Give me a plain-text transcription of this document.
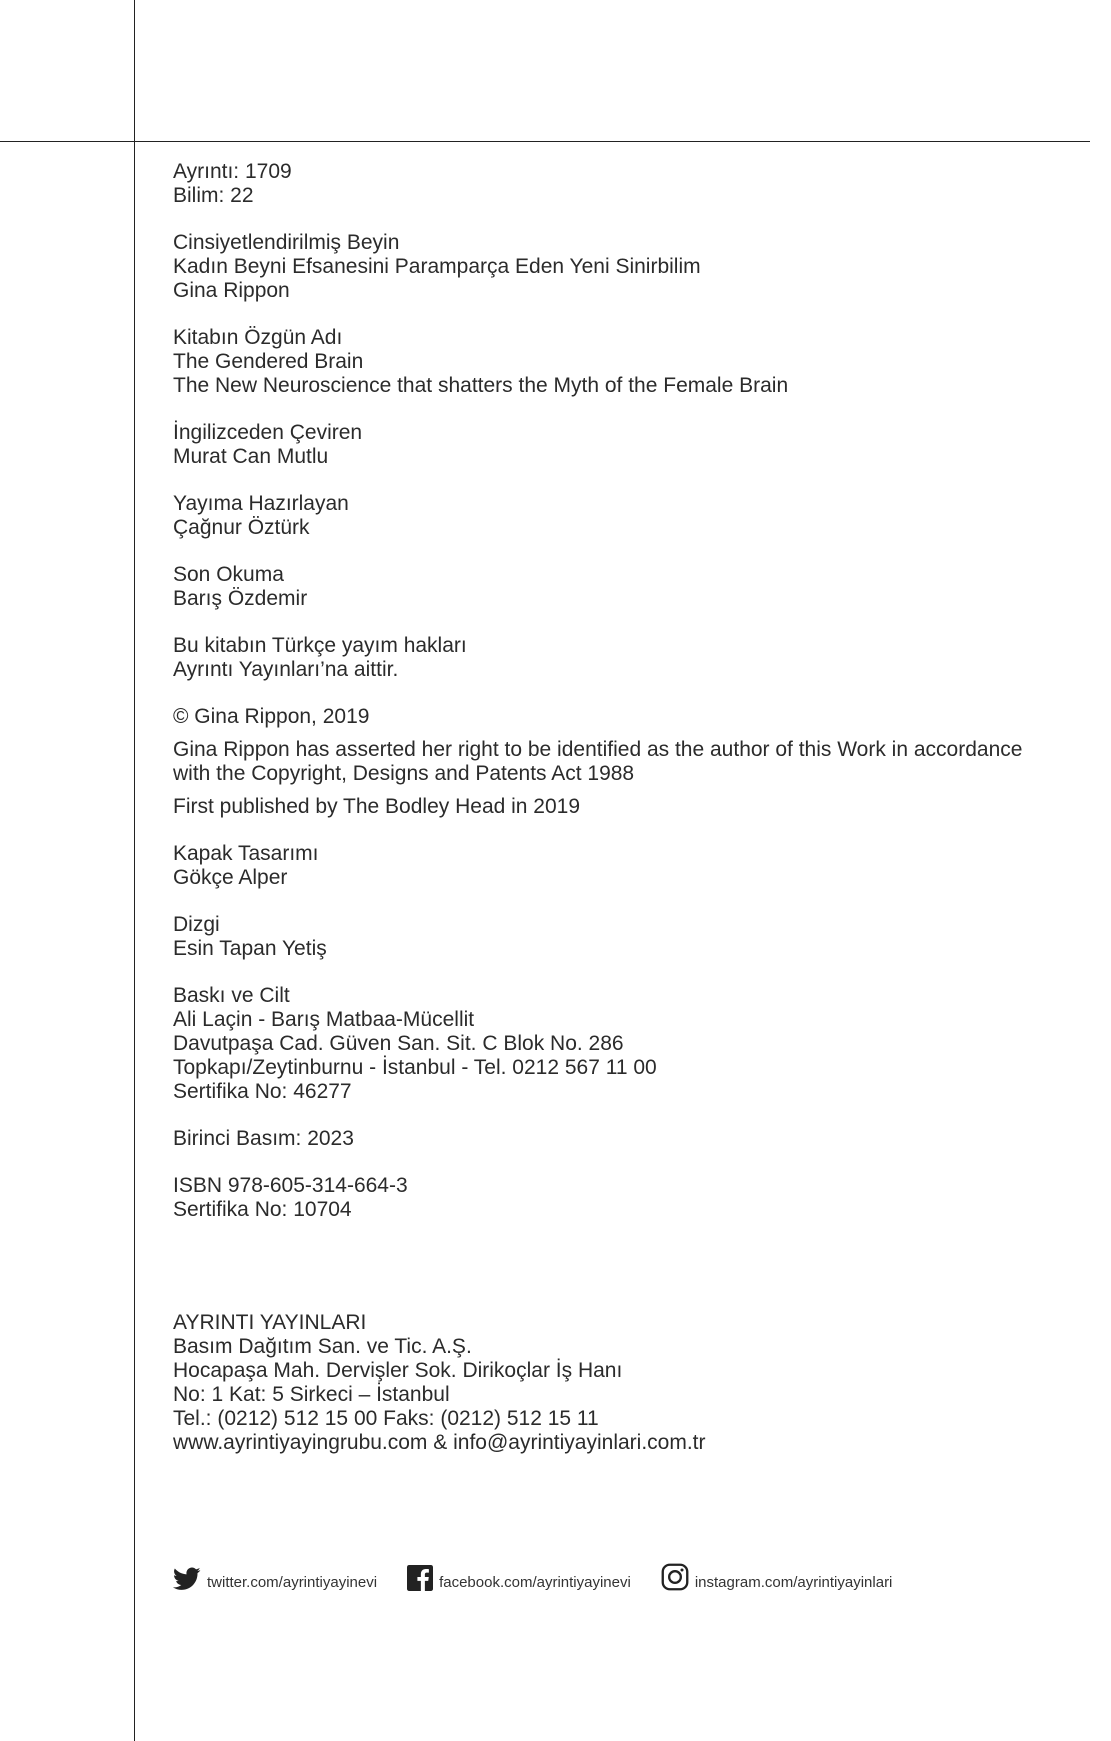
Ayrıntı: 1709
Bilim: 22
Cinsiyetlendirilmiş Beyin
Kadın Beyni Efsanesini Paramparça Eden Yeni Sinirbilim
Gina Rippon
Kitabın Özgün Adı
The Gendered Brain
The New Neuroscience that shatters the Myth of the Female Brain
İngilizceden Çeviren
Murat Can Mutlu
Yayıma Hazırlayan
Çağnur Öztürk
Son Okuma
Barış Özdemir
Bu kitabın Türkçe yayım hakları
Ayrıntı Yayınları’na aittir.
© Gina Rippon, 2019
Gina Rippon has asserted her right to be identified as the author of this Work in accordance with the Copyright, Designs and Patents Act 1988
First published by The Bodley Head in 2019
Kapak Tasarımı
Gökçe Alper
Dizgi
Esin Tapan Yetiş
Baskı ve Cilt
Ali Laçin - Barış Matbaa-Mücellit
Davutpaşa Cad. Güven San. Sit. C Blok No. 286
Topkapı/Zeytinburnu - İstanbul - Tel. 0212 567 11 00
Sertifika No: 46277
Birinci Basım: 2023
ISBN 978-605-314-664-3
Sertifika No: 10704
AYRINTI YAYINLARI
Basım Dağıtım San. ve Tic. A.Ş.
Hocapaşa Mah. Dervişler Sok. Dirikoçlar İş Hanı
No: 1 Kat: 5 Sirkeci – İstanbul
Tel.: (0212) 512 15 00 Faks: (0212) 512 15 11
www.ayrintiyayingrubu.com & info@ayrintiyayinlari.com.tr
twitter.com/ayrintiyayinevi	facebook.com/ayrintiyayinevi	instagram.com/ayrintiyayinlari
